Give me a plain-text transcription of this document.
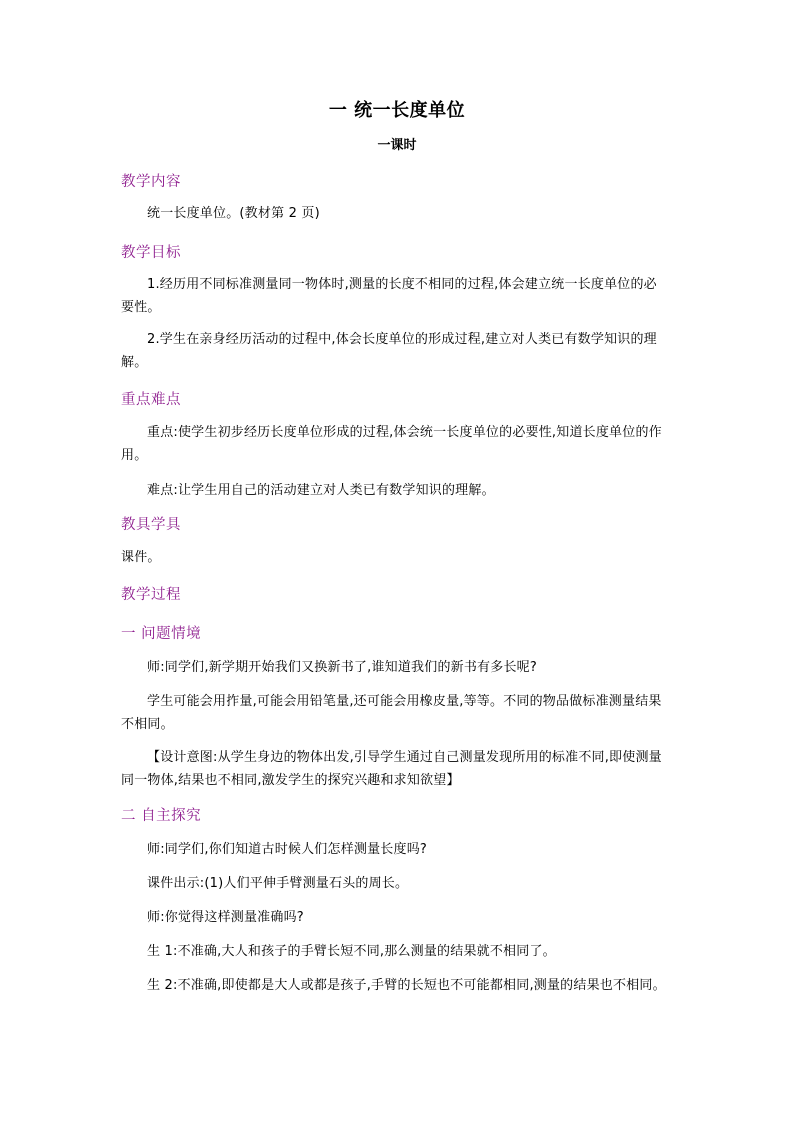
一 统一长度单位
一课时
教学内容
统一长度单位。(教材第 2 页)
教学目标
1.经历用不同标准测量同一物体时,测量的长度不相同的过程,体会建立统一长度单位的必要性。
2.学生在亲身经历活动的过程中,体会长度单位的形成过程,建立对人类已有数学知识的理解。
重点难点
重点:使学生初步经历长度单位形成的过程,体会统一长度单位的必要性,知道长度单位的作用。
难点:让学生用自己的活动建立对人类已有数学知识的理解。
教具学具
课件。
教学过程
一 问题情境
师:同学们,新学期开始我们又换新书了,谁知道我们的新书有多长呢?
学生可能会用拃量,可能会用铅笔量,还可能会用橡皮量,等等。不同的物品做标准测量结果不相同。
【设计意图:从学生身边的物体出发,引导学生通过自己测量发现所用的标准不同,即使测量同一物体,结果也不相同,激发学生的探究兴趣和求知欲望】
二 自主探究
师:同学们,你们知道古时候人们怎样测量长度吗?
课件出示:(1)人们平伸手臂测量石头的周长。
师:你觉得这样测量准确吗?
生 1:不准确,大人和孩子的手臂长短不同,那么测量的结果就不相同了。
生 2:不准确,即使都是大人或都是孩子,手臂的长短也不可能都相同,测量的结果也不相同。
